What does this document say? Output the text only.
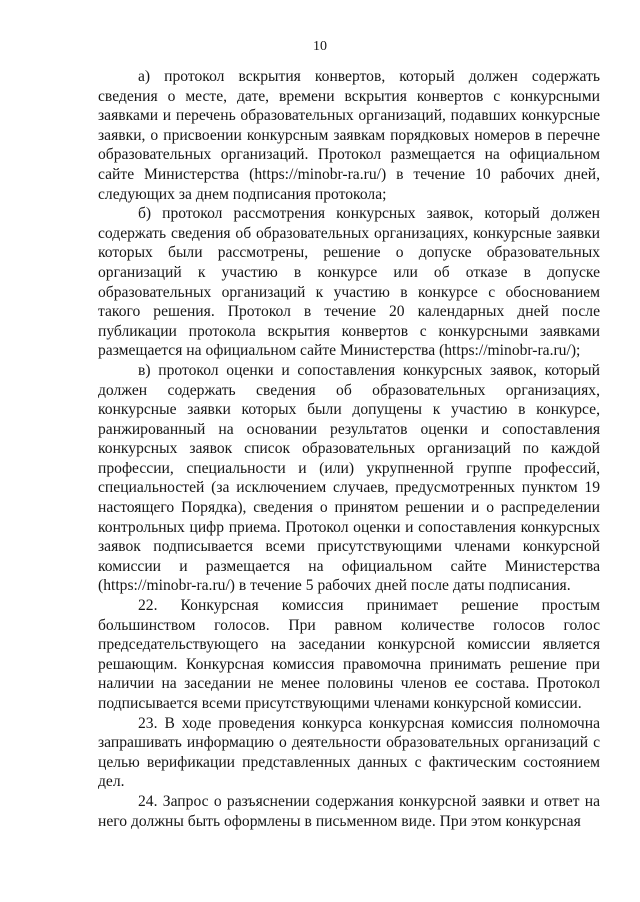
10

а) протокол вскрытия конвертов, который должен содержать сведения о месте, дате, времени вскрытия конвертов с конкурсными заявками и перечень образовательных организаций, подавших конкурсные заявки, о присвоении конкурсным заявкам порядковых номеров в перечне образовательных организаций. Протокол размещается на официальном сайте Министерства (https://minobr-ra.ru/) в течение 10 рабочих дней, следующих за днем подписания протокола;

б) протокол рассмотрения конкурсных заявок, который должен содержать сведения об образовательных организациях, конкурсные заявки которых были рассмотрены, решение о допуске образовательных организаций к участию в конкурсе или об отказе в допуске образовательных организаций к участию в конкурсе с обоснованием такого решения. Протокол в течение 20 календарных дней после публикации протокола вскрытия конвертов с конкурсными заявками размещается на официальном сайте Министерства (https://minobr-ra.ru/);

в) протокол оценки и сопоставления конкурсных заявок, который должен содержать сведения об образовательных организациях, конкурсные заявки которых были допущены к участию в конкурсе, ранжированный на основании результатов оценки и сопоставления конкурсных заявок список образовательных организаций по каждой профессии, специальности и (или) укрупненной группе профессий, специальностей (за исключением случаев, предусмотренных пунктом 19 настоящего Порядка), сведения о принятом решении и о распределении контрольных цифр приема. Протокол оценки и сопоставления конкурсных заявок подписывается всеми присутствующими членами конкурсной комиссии и размещается на официальном сайте Министерства (https://minobr-ra.ru/) в течение 5 рабочих дней после даты подписания.

22. Конкурсная комиссия принимает решение простым большинством голосов. При равном количестве голосов голос председательствующего на заседании конкурсной комиссии является решающим. Конкурсная комиссия правомочна принимать решение при наличии на заседании не менее половины членов ее состава. Протокол подписывается всеми присутствующими членами конкурсной комиссии.

23. В ходе проведения конкурса конкурсная комиссия полномочна запрашивать информацию о деятельности образовательных организаций с целью верификации представленных данных с фактическим состоянием дел.

24. Запрос о разъяснении содержания конкурсной заявки и ответ на него должны быть оформлены в письменном виде. При этом конкурсная
